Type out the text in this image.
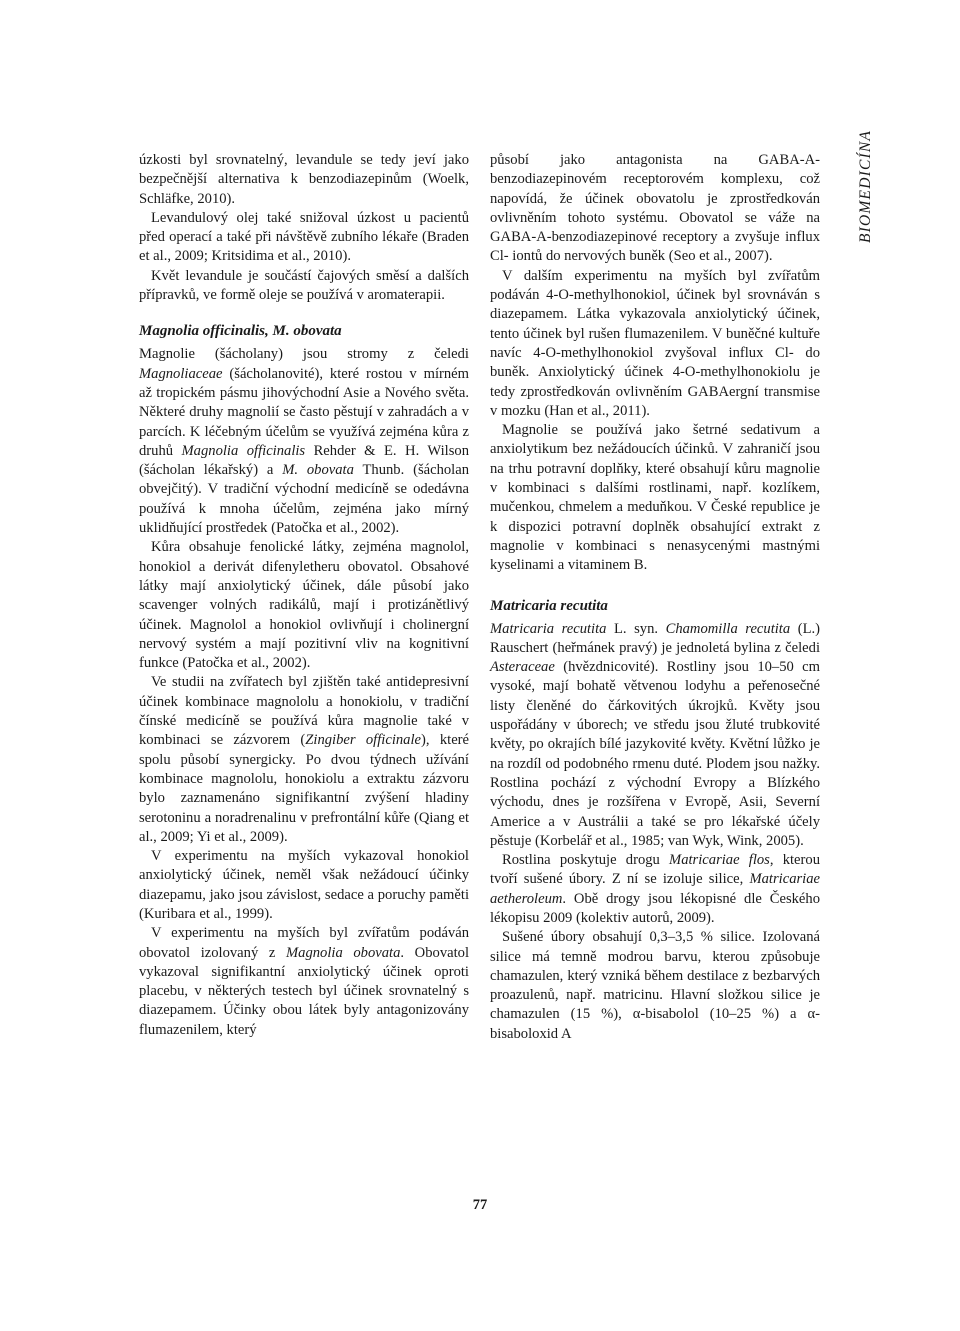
BIOMEDICÍNA

úzkosti byl srovnatelný, levandule se tedy jeví jako bezpečnější alternativa k benzodiazepinům (Woelk, Schläfke, 2010).

Levandulový olej také snižoval úzkost u pacientů před operací a také při návštěvě zubního lékaře (Braden et al., 2009; Kritsidima et al., 2010).

Květ levandule je součástí čajových směsí a dalších přípravků, ve formě oleje se používá v aromaterapii.

Magnolia officinalis, M. obovata

Magnolie (šácholany) jsou stromy z čeledi Magnoliaceae (šácholanovité), které rostou v mírném až tropickém pásmu jihovýchodní Asie a Nového světa. Některé druhy magnolií se často pěstují v zahradách a v parcích. K léčebným účelům se využívá zejména kůra z druhů Magnolia officinalis Rehder & E. H. Wilson (šácholan lékařský) a M. obovata Thunb. (šácholan obvejčitý). V tradiční východní medicíně se odedávna používá k mnoha účelům, zejména jako mírný uklidňující prostředek (Patočka et al., 2002).

Kůra obsahuje fenolické látky, zejména magnolol, honokiol a derivát difenyletheru obovatol. Obsahové látky mají anxiolytický účinek, dále působí jako scavenger volných radikálů, mají i protizánětlivý účinek. Magnolol a honokiol ovlivňují i cholinergní nervový systém a mají pozitivní vliv na kognitivní funkce (Patočka et al., 2002).

Ve studii na zvířatech byl zjištěn také antidepresivní účinek kombinace magnololu a honokiolu, v tradiční čínské medicíně se používá kůra magnolie také v kombinaci se zázvorem (Zingiber officinale), které spolu působí synergicky. Po dvou týdnech užívání kombinace magnololu, honokiolu a extraktu zázvoru bylo zaznamenáno signifikantní zvýšení hladiny serotoninu a noradrenalinu v prefrontální kůře (Qiang et al., 2009; Yi et al., 2009).

V experimentu na myších vykazoval honokiol anxiolytický účinek, neměl však nežádoucí účinky diazepamu, jako jsou závislost, sedace a poruchy paměti (Kuribara et al., 1999).

V experimentu na myších byl zvířatům podáván obovatol izolovaný z Magnolia obovata. Obovatol vykazoval signifikantní anxiolytický účinek oproti placebu, v některých testech byl účinek srovnatelný s diazepamem. Účinky obou látek byly antagonizovány flumazenilem, který

působí jako antagonista na GABA-A-benzodiazepinovém receptorovém komplexu, což napovídá, že účinek obovatolu je zprostředkován ovlivněním tohoto systému. Obovatol se váže na GABA-A-benzodiazepinové receptory a zvyšuje influx Cl- iontů do nervových buněk (Seo et al., 2007).

V dalším experimentu na myších byl zvířatům podáván 4-O-methylhonokiol, účinek byl srovnáván s diazepamem. Látka vykazovala anxiolytický účinek, tento účinek byl rušen flumazenilem. V buněčné kultuře navíc 4-O-methylhonokiol zvyšoval influx Cl- do buněk. Anxiolytický účinek 4-O-methylhonokiolu je tedy zprostředkován ovlivněním GABAergní transmise v mozku (Han et al., 2011).

Magnolie se používá jako šetrné sedativum a anxiolytikum bez nežádoucích účinků. V zahraničí jsou na trhu potravní doplňky, které obsahují kůru magnolie v kombinaci s dalšími rostlinami, např. kozlíkem, mučenkou, chmelem a meduňkou. V České republice je k dispozici potravní doplněk obsahující extrakt z magnolie v kombinaci s nenasycenými mastnými kyselinami a vitaminem B.

Matricaria recutita

Matricaria recutita L. syn. Chamomilla recutita (L.) Rauschert (heřmánek pravý) je jednoletá bylina z čeledi Asteraceae (hvězdnicovité). Rostliny jsou 10–50 cm vysoké, mají bohatě větvenou lodyhu a peřenosečné listy členěné do čárkovitých úkrojků. Květy jsou uspořádány v úborech; ve středu jsou žluté trubkovité květy, po okrajích bílé jazykovité květy. Květní lůžko je na rozdíl od podobného rmenu duté. Plodem jsou nažky. Rostlina pochází z východní Evropy a Blízkého východu, dnes je rozšířena v Evropě, Asii, Severní Americe a v Austrálii a také se pro lékařské účely pěstuje (Korbelář et al., 1985; van Wyk, Wink, 2005).

Rostlina poskytuje drogu Matricariae flos, kterou tvoří sušené úbory. Z ní se izoluje silice, Matricariae aetheroleum. Obě drogy jsou lékopisné dle Českého lékopisu 2009 (kolektiv autorů, 2009).

Sušené úbory obsahují 0,3–3,5 % silice. Izolovaná silice má temně modrou barvu, kterou způsobuje chamazulen, který vzniká během destilace z bezbarvých proazulenů, např. matricinu. Hlavní složkou silice je chamazulen (15 %), α-bisabolol (10–25 %) a α-bisaboloxid A

77
